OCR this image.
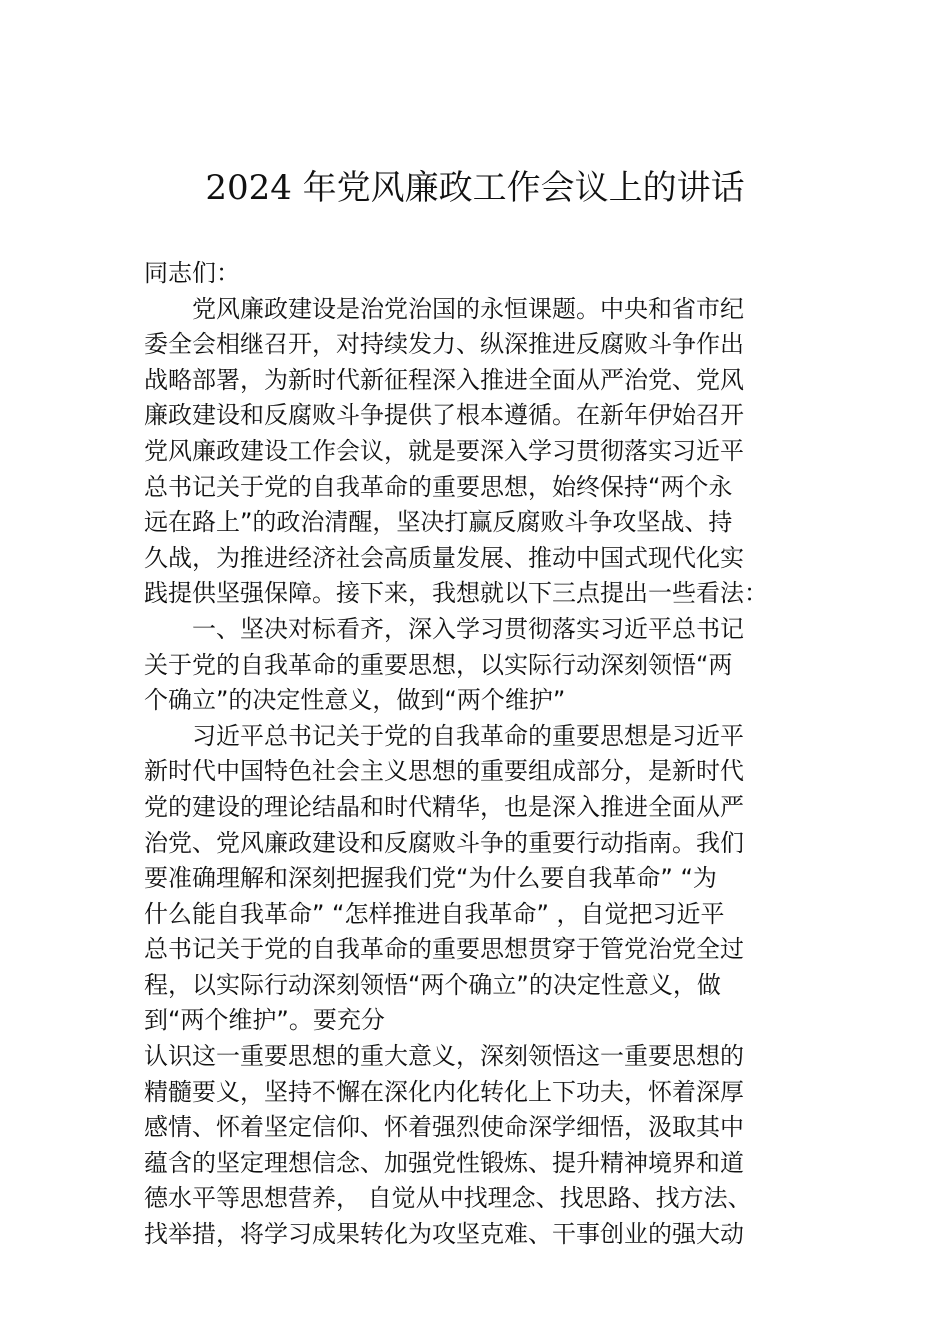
2024 年党风廉政工作会议上的讲话
同志们：
党风廉政建设是治党治国的永恒课题。中央和省市纪
委全会相继召开，对持续发力、纵深推进反腐败斗争作出
战略部署，为新时代新征程深入推进全面从严治党、党风
廉政建设和反腐败斗争提供了根本遵循。在新年伊始召开
党风廉政建设工作会议，就是要深入学习贯彻落实习近平
总书记关于党的自我革命的重要思想，始终保持“两个永
远在路上”的政治清醒，坚决打赢反腐败斗争攻坚战、持
久战，为推进经济社会高质量发展、推动中国式现代化实
践提供坚强保障。接下来，我想就以下三点提出一些看法：
一、坚决对标看齐，深入学习贯彻落实习近平总书记
关于党的自我革命的重要思想，以实际行动深刻领悟“两
个确立”的决定性意义，做到“两个维护”
习近平总书记关于党的自我革命的重要思想是习近平
新时代中国特色社会主义思想的重要组成部分，是新时代
党的建设的理论结晶和时代精华，也是深入推进全面从严
治党、党风廉政建设和反腐败斗争的重要行动指南。我们
要准确理解和深刻把握我们党“为什么要自我革命” “为
什么能自我革命” “怎样推进自我革命” ，自觉把习近平
总书记关于党的自我革命的重要思想贯穿于管党治党全过
程，以实际行动深刻领悟“两个确立”的决定性意义，做
到“两个维护”。要充分
认识这一重要思想的重大意义，深刻领悟这一重要思想的
精髓要义，坚持不懈在深化内化转化上下功夫，怀着深厚
感情、怀着坚定信仰、怀着强烈使命深学细悟，汲取其中
蕴含的坚定理想信念、加强党性锻炼、提升精神境界和道
德水平等思想营养， 自觉从中找理念、找思路、找方法、
找举措，将学习成果转化为攻坚克难、干事创业的强大动
